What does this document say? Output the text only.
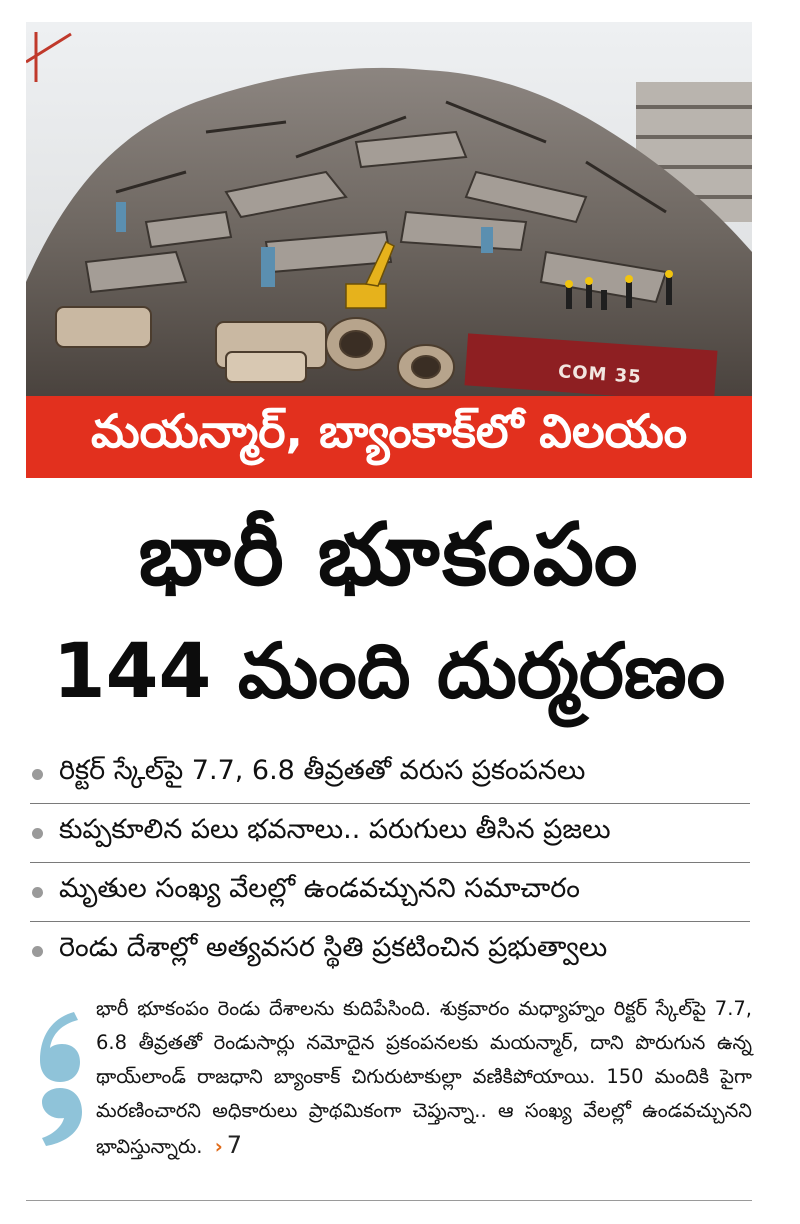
COM 35
మయన్మార్, బ్యాంకాక్‌లో విలయం
భారీ భూకంపం
144 మంది దుర్మరణం
రిక్టర్ స్కేల్‌పై 7.7, 6.8 తీవ్రతతో వరుస ప్రకంపనలు
కుప్పకూలిన పలు భవనాలు.. పరుగులు తీసిన ప్రజలు
మృతుల సంఖ్య వేలల్లో ఉండవచ్చునని సమాచారం
రెండు దేశాల్లో అత్యవసర స్థితి ప్రకటించిన ప్రభుత్వాలు
భారీ భూకంపం రెండు దేశాలను కుదిపేసింది. శుక్రవారం మధ్యాహ్నం రిక్టర్ స్కేల్‌పై 7.7, 6.8 తీవ్రతతో రెండుసార్లు నమోదైన ప్రకంపనలకు మయన్మార్, దాని పొరుగున ఉన్న థాయ్‌లాండ్ రాజధాని బ్యాంకాక్ చిగురుటాకుల్లా వణికిపోయాయి. 150 మందికి పైగా మరణించారని అధికారులు ప్రాథమికంగా చెప్తున్నా.. ఆ సంఖ్య వేలల్లో ఉండవచ్చునని భావిస్తున్నారు. › 7
